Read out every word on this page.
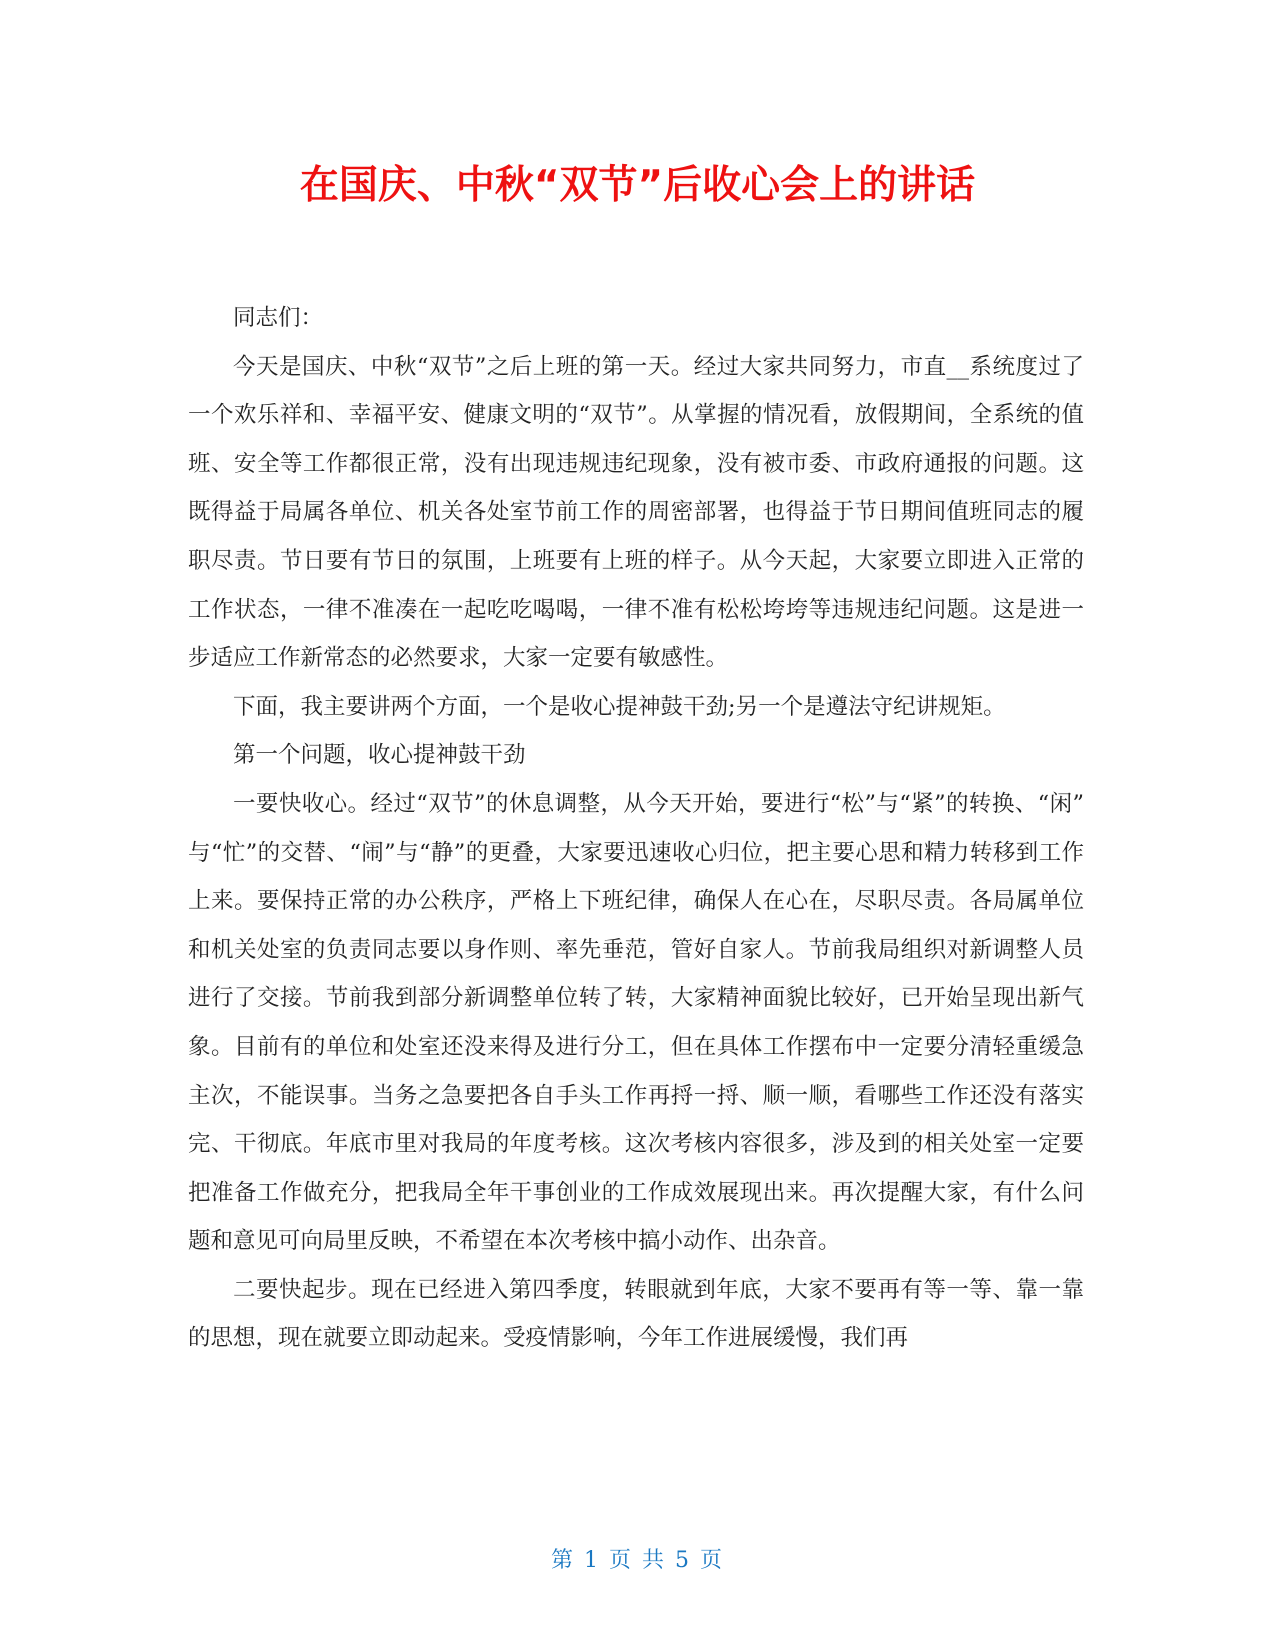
在国庆、中秋“双节”后收心会上的讲话

同志们：

今天是国庆、中秋“双节”之后上班的第一天。经过大家共同努力，市直__系统度过了一个欢乐祥和、幸福平安、健康文明的“双节”。从掌握的情况看，放假期间，全系统的值班、安全等工作都很正常，没有出现违规违纪现象，没有被市委、市政府通报的问题。这既得益于局属各单位、机关各处室节前工作的周密部署，也得益于节日期间值班同志的履职尽责。节日要有节日的氛围，上班要有上班的样子。从今天起，大家要立即进入正常的工作状态，一律不准凑在一起吃吃喝喝，一律不准有松松垮垮等违规违纪问题。这是进一步适应工作新常态的必然要求，大家一定要有敏感性。

下面，我主要讲两个方面，一个是收心提神鼓干劲;另一个是遵法守纪讲规矩。

第一个问题，收心提神鼓干劲

一要快收心。经过“双节”的休息调整，从今天开始，要进行“松”与“紧”的转换、“闲”与“忙”的交替、“闹”与“静”的更叠，大家要迅速收心归位，把主要心思和精力转移到工作上来。要保持正常的办公秩序，严格上下班纪律，确保人在心在，尽职尽责。各局属单位和机关处室的负责同志要以身作则、率先垂范，管好自家人。节前我局组织对新调整人员进行了交接。节前我到部分新调整单位转了转，大家精神面貌比较好，已开始呈现出新气象。目前有的单位和处室还没来得及进行分工，但在具体工作摆布中一定要分清轻重缓急主次，不能误事。当务之急要把各自手头工作再捋一捋、顺一顺，看哪些工作还没有落实完、干彻底。年底市里对我局的年度考核。这次考核内容很多，涉及到的相关处室一定要把准备工作做充分，把我局全年干事创业的工作成效展现出来。再次提醒大家，有什么问题和意见可向局里反映，不希望在本次考核中搞小动作、出杂音。

二要快起步。现在已经进入第四季度，转眼就到年底，大家不要再有等一等、靠一靠的思想，现在就要立即动起来。受疫情影响，今年工作进展缓慢，我们再

第 1 页 共 5 页
